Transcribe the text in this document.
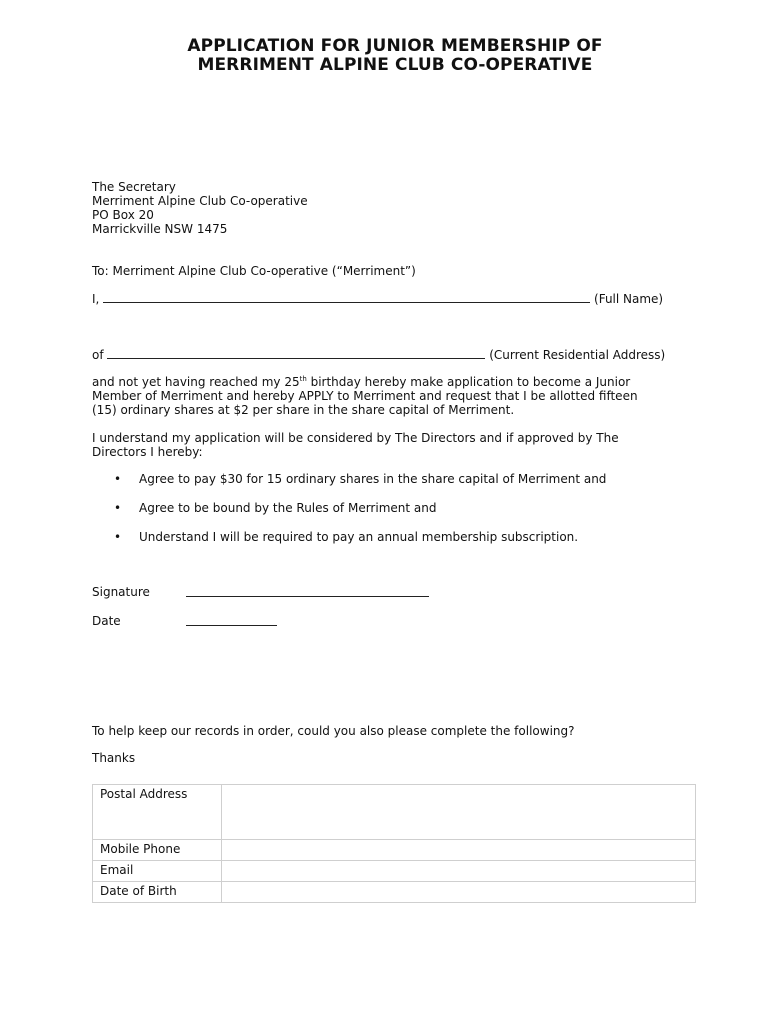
APPLICATION FOR JUNIOR MEMBERSHIP OF
MERRIMENT ALPINE CLUB CO-OPERATIVE
The Secretary
Merriment Alpine Club Co-operative
PO Box 20
Marrickville NSW 1475
To: Merriment Alpine Club Co-operative (“Merriment”)
I,	(Full Name)
of	(Current Residential Address)
and not yet having reached my 25th birthday hereby make application to become a Junior Member of Merriment and hereby APPLY to Merriment and request that I be allotted fifteen (15) ordinary shares at $2 per share in the share capital of Merriment.
I understand my application will be considered by The Directors and if approved by The Directors I hereby:
• Agree to pay $30 for 15 ordinary shares in the share capital of Merriment and
• Agree to be bound by the Rules of Merriment and
• Understand I will be required to pay an annual membership subscription.
Signature
Date
To help keep our records in order, could you also please complete the following?
Thanks
Postal Address	
Mobile Phone	
Email	
Date of Birth	
